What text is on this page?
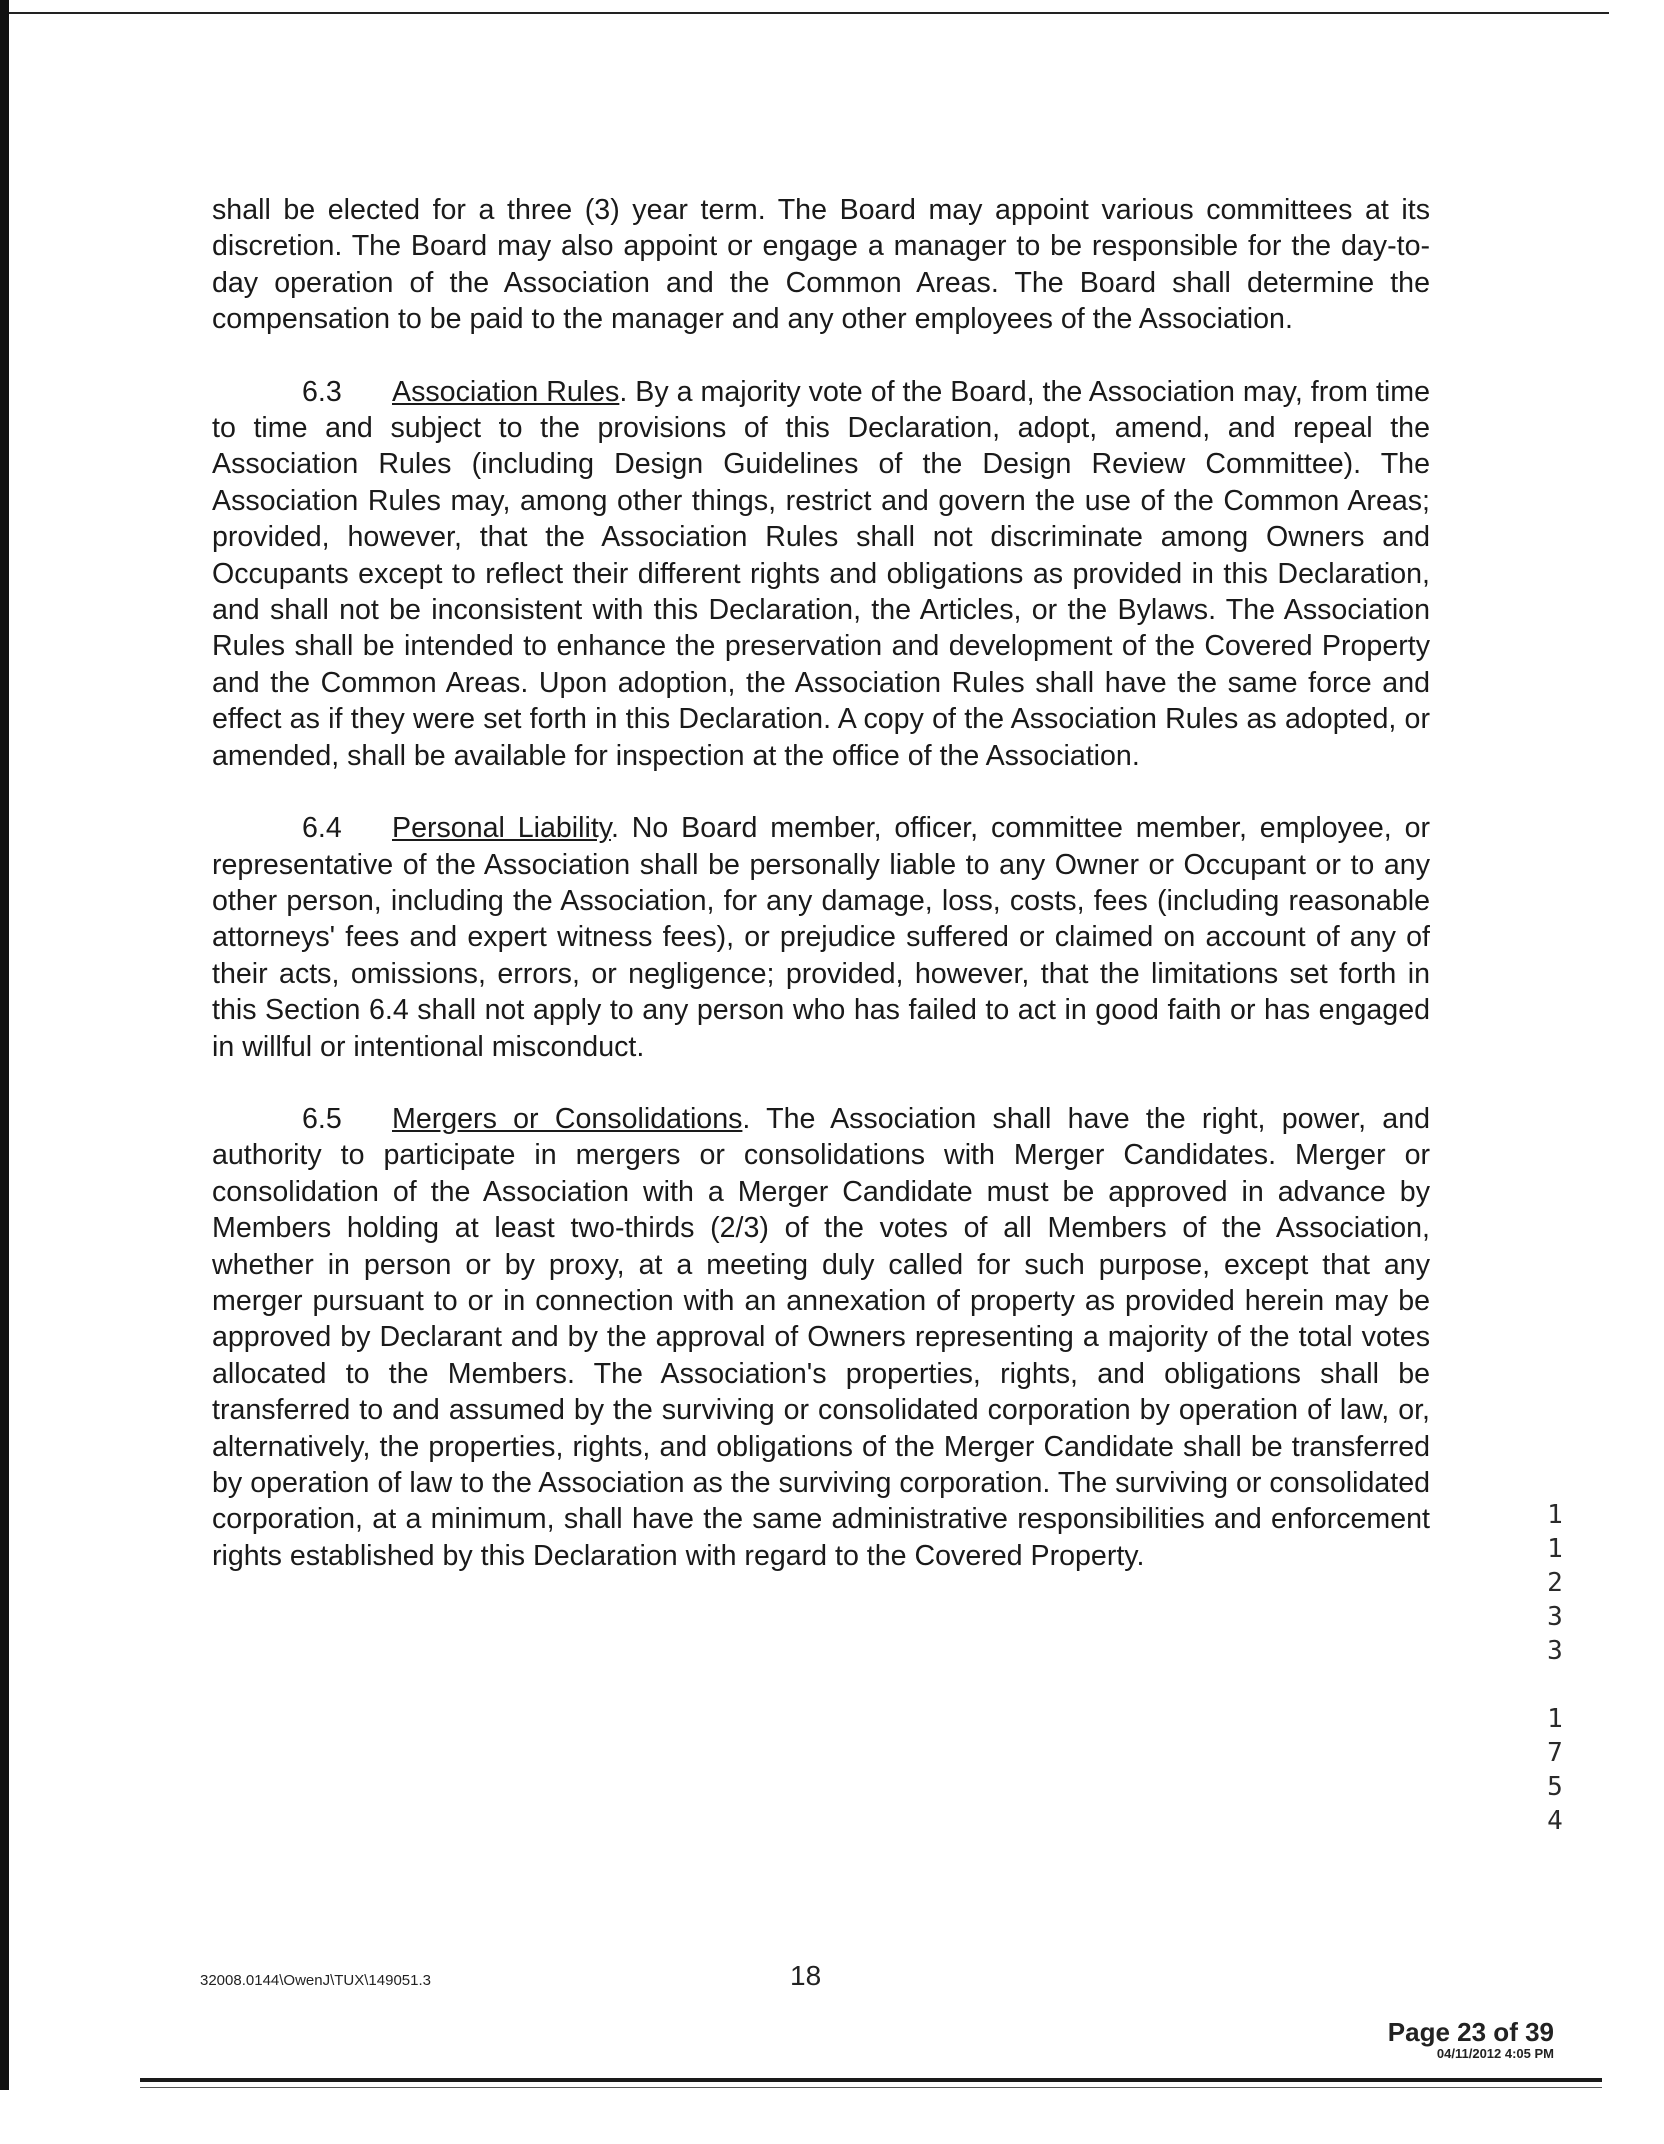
shall be elected for a three (3) year term. The Board may appoint various committees at its discretion. The Board may also appoint or engage a manager to be responsible for the day-to-day operation of the Association and the Common Areas. The Board shall determine the compensation to be paid to the manager and any other employees of the Association.

6.3 Association Rules. By a majority vote of the Board, the Association may, from time to time and subject to the provisions of this Declaration, adopt, amend, and repeal the Association Rules (including Design Guidelines of the Design Review Committee). The Association Rules may, among other things, restrict and govern the use of the Common Areas; provided, however, that the Association Rules shall not discriminate among Owners and Occupants except to reflect their different rights and obligations as provided in this Declaration, and shall not be inconsistent with this Declaration, the Articles, or the Bylaws. The Association Rules shall be intended to enhance the preservation and development of the Covered Property and the Common Areas. Upon adoption, the Association Rules shall have the same force and effect as if they were set forth in this Declaration. A copy of the Association Rules as adopted, or amended, shall be available for inspection at the office of the Association.

6.4 Personal Liability. No Board member, officer, committee member, employee, or representative of the Association shall be personally liable to any Owner or Occupant or to any other person, including the Association, for any damage, loss, costs, fees (including reasonable attorneys' fees and expert witness fees), or prejudice suffered or claimed on account of any of their acts, omissions, errors, or negligence; provided, however, that the limitations set forth in this Section 6.4 shall not apply to any person who has failed to act in good faith or has engaged in willful or intentional misconduct.

6.5 Mergers or Consolidations. The Association shall have the right, power, and authority to participate in mergers or consolidations with Merger Candidates. Merger or consolidation of the Association with a Merger Candidate must be approved in advance by Members holding at least two-thirds (2/3) of the votes of all Members of the Association, whether in person or by proxy, at a meeting duly called for such purpose, except that any merger pursuant to or in connection with an annexation of property as provided herein may be approved by Declarant and by the approval of Owners representing a majority of the total votes allocated to the Members. The Association's properties, rights, and obligations shall be transferred to and assumed by the surviving or consolidated corporation by operation of law, or, alternatively, the properties, rights, and obligations of the Merger Candidate shall be transferred by operation of law to the Association as the surviving corporation. The surviving or consolidated corporation, at a minimum, shall have the same administrative responsibilities and enforcement rights established by this Declaration with regard to the Covered Property.

1
1
2
3
3
1
7
5
4
32008.0144\OwenJ\TUX\149051.3	18
Page 23 of 39
04/11/2012 4:05 PM
